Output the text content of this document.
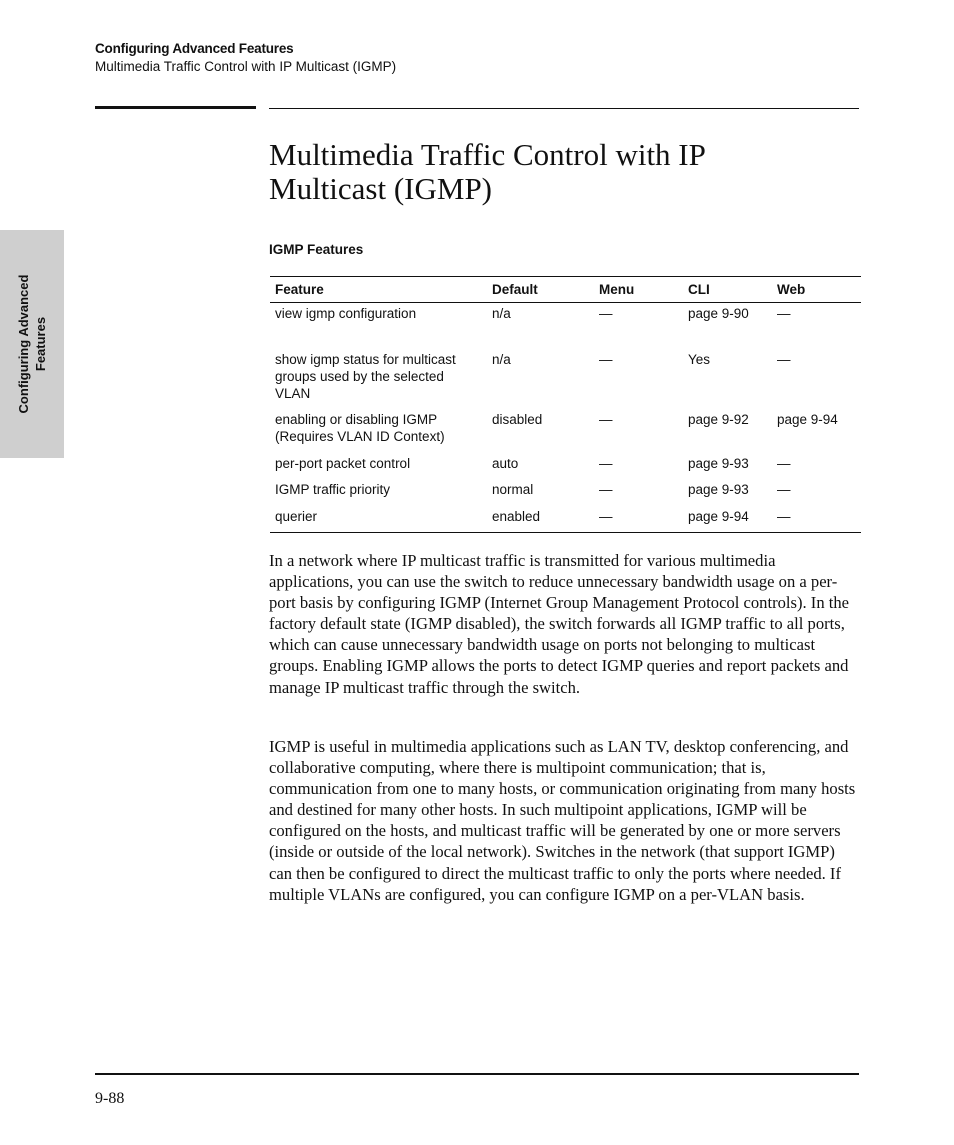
Configuring Advanced Features
Multimedia Traffic Control with IP Multicast (IGMP)
Configuring Advanced Features
Multimedia Traffic Control with IP Multicast (IGMP)
IGMP Features
Feature	Default	Menu	CLI	Web
view igmp configuration	n/a	—	page 9-90	—
show igmp status for multicast groups used by the selected VLAN	n/a	—	Yes	—
enabling or disabling IGMP (Requires VLAN ID Context)	disabled	—	page 9-92	page 9-94
per-port packet control	auto	—	page 9-93	—
IGMP traffic priority	normal	—	page 9-93	—
querier	enabled	—	page 9-94	—

In a network where IP multicast traffic is transmitted for various multimedia applications, you can use the switch to reduce unnecessary bandwidth usage on a per-port basis by configuring IGMP (Internet Group Management Protocol controls). In the factory default state (IGMP disabled), the switch forwards all IGMP traffic to all ports, which can cause unnecessary bandwidth usage on ports not belonging to multicast groups. Enabling IGMP allows the ports to detect IGMP queries and report packets and manage IP multicast traffic through the switch.

IGMP is useful in multimedia applications such as LAN TV, desktop conferencing, and collaborative computing, where there is multipoint communication; that is, communication from one to many hosts, or communication originating from many hosts and destined for many other hosts. In such multipoint applications, IGMP will be configured on the hosts, and multicast traffic will be generated by one or more servers (inside or outside of the local network). Switches in the network (that support IGMP) can then be configured to direct the multicast traffic to only the ports where needed. If multiple VLANs are configured, you can configure IGMP on a per-VLAN basis.

9-88
